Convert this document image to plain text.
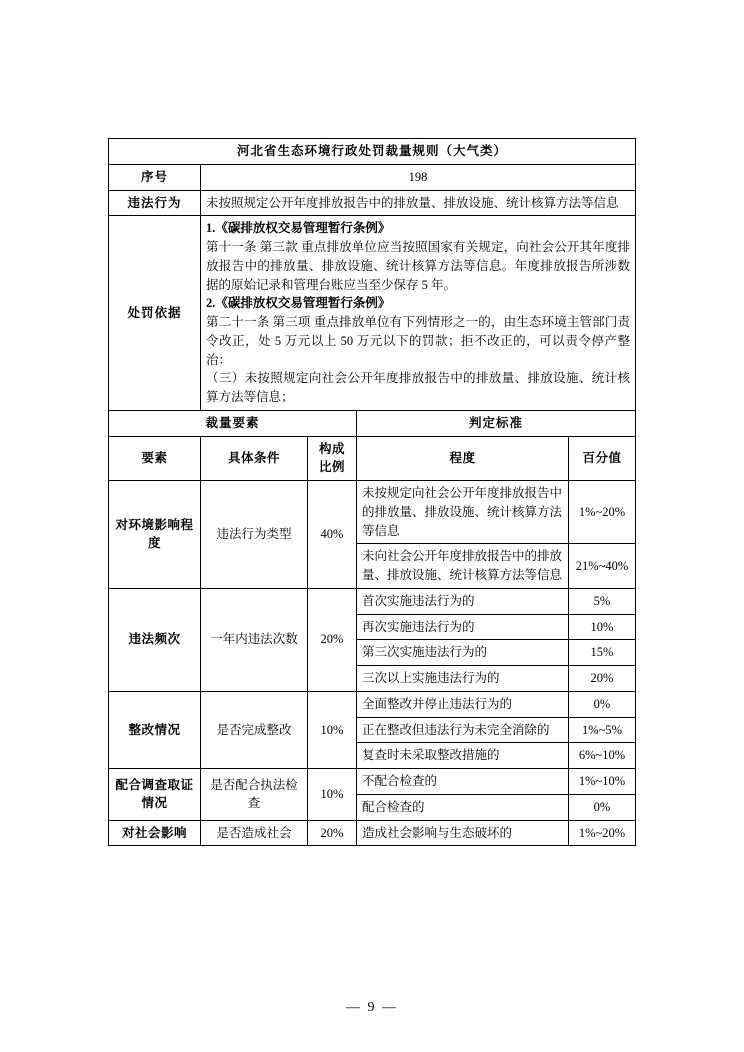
河北省生态环境行政处罚裁量规则（大气类）				
序号	198			
违法行为	未按照规定公开年度排放报告中的排放量、排放设施、统计核算方法等信息			
处罚依据	1.《碳排放权交易管理暂行条例》

第十一条 第三款 重点排放单位应当按照国家有关规定，向社会公开其年度排放报告中的排放量、排放设施、统计核算方法等信息。年度排放报告所涉数据的原始记录和管理台账应当至少保存 5 年。

2.《碳排放权交易管理暂行条例》

第二十一条 第三项 重点排放单位有下列情形之一的，由生态环境主管部门责令改正，处 5 万元以上 50 万元以下的罚款；拒不改正的，可以责令停产整治：

（三）未按照规定向社会公开年度排放报告中的排放量、排放设施、统计核算方法等信息；			

裁量要素			判定标准	
要素	具体条件	构成比例	程度	百分值
对环境影响程度	违法行为类型	40%	未按规定向社会公开年度排放报告中的排放量、排放设施、统计核算方法等信息	1%~20%
			未向社会公开年度排放报告中的排放量、排放设施、统计核算方法等信息	21%~40%
违法频次	一年内违法次数	20%	首次实施违法行为的	5%
			再次实施违法行为的	10%
			第三次实施违法行为的	15%
			三次以上实施违法行为的	20%
整改情况	是否完成整改	10%	全面整改并停止违法行为的	0%
			正在整改但违法行为未完全消除的	1%~5%
			复查时未采取整改措施的	6%~10%
配合调查取证情况	是否配合执法检查	10%	不配合检查的	1%~10%
			配合检查的	0%
对社会影响	是否造成社会	20%	造成社会影响与生态破坏的	1%~20%
— 9 —
